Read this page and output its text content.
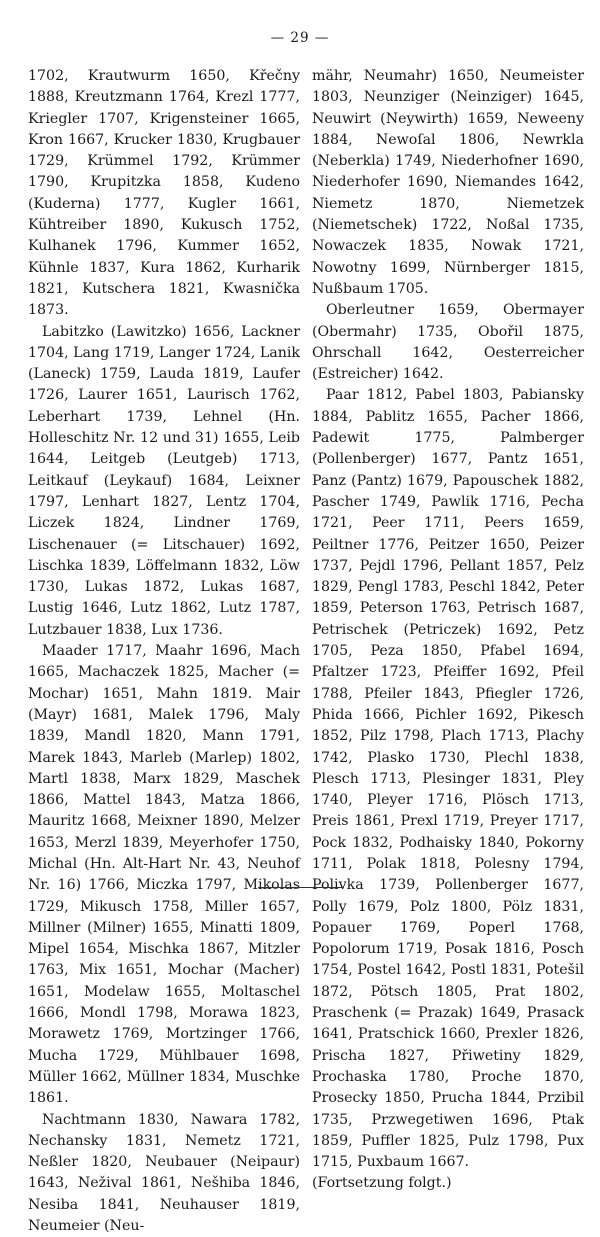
— 29 —

1702, Krautwurm 1650, Křečny 1888, Kreutzmann 1764, Krezl 1777, Kriegler 1707, Krigensteiner 1665, Kron 1667, Krucker 1830, Krugbauer 1729, Krümmel 1792, Krümmer 1790, Krupitzka 1858, Kudeno (Kuderna) 1777, Kugler 1661, Kühtreiber 1890, Kukusch 1752, Kulhanek 1796, Kummer 1652, Kühnle 1837, Kura 1862, Kurharik 1821, Kutschera 1821, Kwasnička 1873.

Labitzko (Lawitzko) 1656, Lackner 1704, Lang 1719, Langer 1724, Lanik (Laneck) 1759, Lauda 1819, Laufer 1726, Laurer 1651, Laurisch 1762, Leberhart 1739, Lehnel (Hn. Holleschitz Nr. 12 und 31) 1655, Leib 1644, Leitgeb (Leutgeb) 1713, Leitkauf (Leykauf) 1684, Leixner 1797, Lenhart 1827, Lentz 1704, Liczek 1824, Lindner 1769, Lischenauer (= Litschauer) 1692, Lischka 1839, Löffelmann 1832, Löw 1730, Lukas 1872, Lukas 1687, Lustig 1646, Lutz 1862, Lutz 1787, Lutzbauer 1838, Lux 1736.

Maader 1717, Maahr 1696, Mach 1665, Machaczek 1825, Macher (= Mochar) 1651, Mahn 1819. Mair (Mayr) 1681, Malek 1796, Maly 1839, Mandl 1820, Mann 1791, Marek 1843, Marleb (Marlep) 1802, Martl 1838, Marx 1829, Maschek 1866, Mattel 1843, Matza 1866, Mauritz 1668, Meixner 1890, Melzer 1653, Merzl 1839, Meyerhofer 1750, Michal (Hn. Alt-Hart Nr. 43, Neuhof Nr. 16) 1766, Miczka 1797, Mikolas 1729, Mikusch 1758, Miller 1657, Millner (Milner) 1655, Minatti 1809, Mipel 1654, Mischka 1867, Mitzler 1763, Mix 1651, Mochar (Macher) 1651, Modelaw 1655, Moltaschel 1666, Mondl 1798, Morawa 1823, Morawetz 1769, Mortzinger 1766, Mucha 1729, Mühlbauer 1698, Müller 1662, Müllner 1834, Muschke 1861.

Nachtmann 1830, Nawara 1782, Nechansky 1831, Nemetz 1721, Neßler 1820, Neubauer (Neipaur) 1643, Nežival 1861, Nešhiba 1846, Nesiba 1841, Neuhauser 1819, Neumeier (Neu-

mähr, Neumahr) 1650, Neumeister 1803, Neunziger (Neinziger) 1645, Neuwirt (Neywirth) 1659, Neweeny 1884, Newoſal 1806, Newrkla (Neberkla) 1749, Niederhofner 1690, Niederhofer 1690, Niemandes 1642, Niemetz 1870, Niemetzek (Niemetschek) 1722, Noßal 1735, Nowaczek 1835, Nowak 1721, Nowotny 1699, Nürnberger 1815, Nußbaum 1705.

Oberleutner 1659, Obermayer (Obermahr) 1735, Obořil 1875, Ohrschall 1642, Oesterreicher (Estreicher) 1642.

Paar 1812, Pabel 1803, Pabiansky 1884, Pablitz 1655, Pacher 1866, Padewit 1775, Palmberger (Pollenberger) 1677, Pantz 1651, Panz (Pantz) 1679, Papouschek 1882, Pascher 1749, Pawlik 1716, Pecha 1721, Peer 1711, Peers 1659, Peiltner 1776, Peitzer 1650, Peizer 1737, Pejdl 1796, Pellant 1857, Pelz 1829, Pengl 1783, Peschl 1842, Peter 1859, Peterson 1763, Petrisch 1687, Petrischek (Petriczek) 1692, Petz 1705, Peza 1850, Pfabel 1694, Pfaltzer 1723, Pfeiffer 1692, Pfeil 1788, Pfeiler 1843, Pfiegler 1726, Phida 1666, Pichler 1692, Pikesch 1852, Pilz 1798, Plach 1713, Plachy 1742, Plasko 1730, Plechl 1838, Plesch 1713, Plesinger 1831, Pley 1740, Pleyer 1716, Plösch 1713, Preis 1861, Prexl 1719, Preyer 1717, Pock 1832, Podhaisky 1840, Pokorny 1711, Polak 1818, Polesny 1794, Polivka 1739, Pollenberger 1677, Polly 1679, Polz 1800, Pölz 1831, Popauer 1769, Poperl 1768, Popolorum 1719, Posak 1816, Posch 1754, Postel 1642, Postl 1831, Potešil 1872, Pötsch 1805, Prat 1802, Praschenk (= Prazak) 1649, Prasack 1641, Pratschick 1660, Prexler 1826, Prischa 1827, Přiwetiny 1829, Prochaska 1780, Proche 1870, Prosecky 1850, Prucha 1844, Przibil 1735, Przwegetiwen 1696, Ptak 1859, Puffler 1825, Pulz 1798, Pux 1715, Puxbaum 1667.

(Fortsetzung folgt.)
